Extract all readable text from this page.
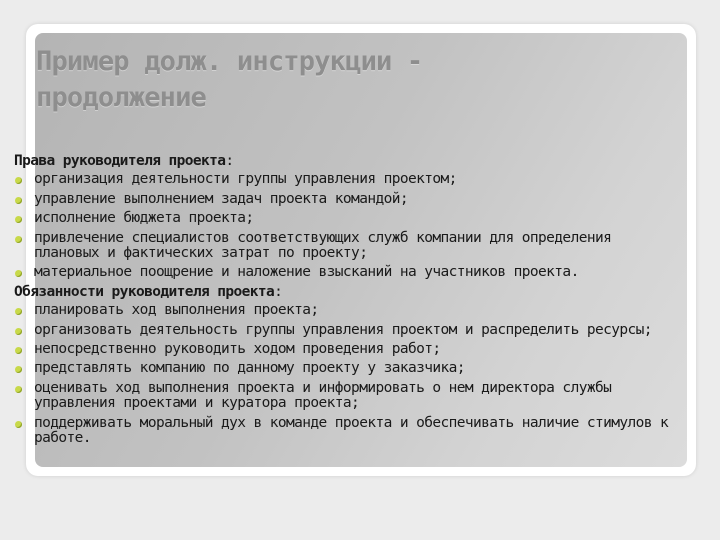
Пример долж. инструкции -
продолжение
Права руководителя проекта:
организация деятельности группы управления проектом;
управление выполнением задач проекта командой;
исполнение бюджета проекта;
привлечение специалистов соответствующих служб компании для определения плановых и фактических затрат по проекту;
материальное поощрение и наложение взысканий на участников проекта.
Обязанности руководителя проекта:
планировать ход выполнения проекта;
организовать деятельность группы управления проектом и распределить ресурсы;
непосредственно руководить ходом проведения работ;
представлять компанию по данному проекту у заказчика;
оценивать ход выполнения проекта и информировать о нем директора службы управления проектами и куратора проекта;
поддерживать моральный дух в команде проекта и обеспечивать наличие стимулов к работе.
